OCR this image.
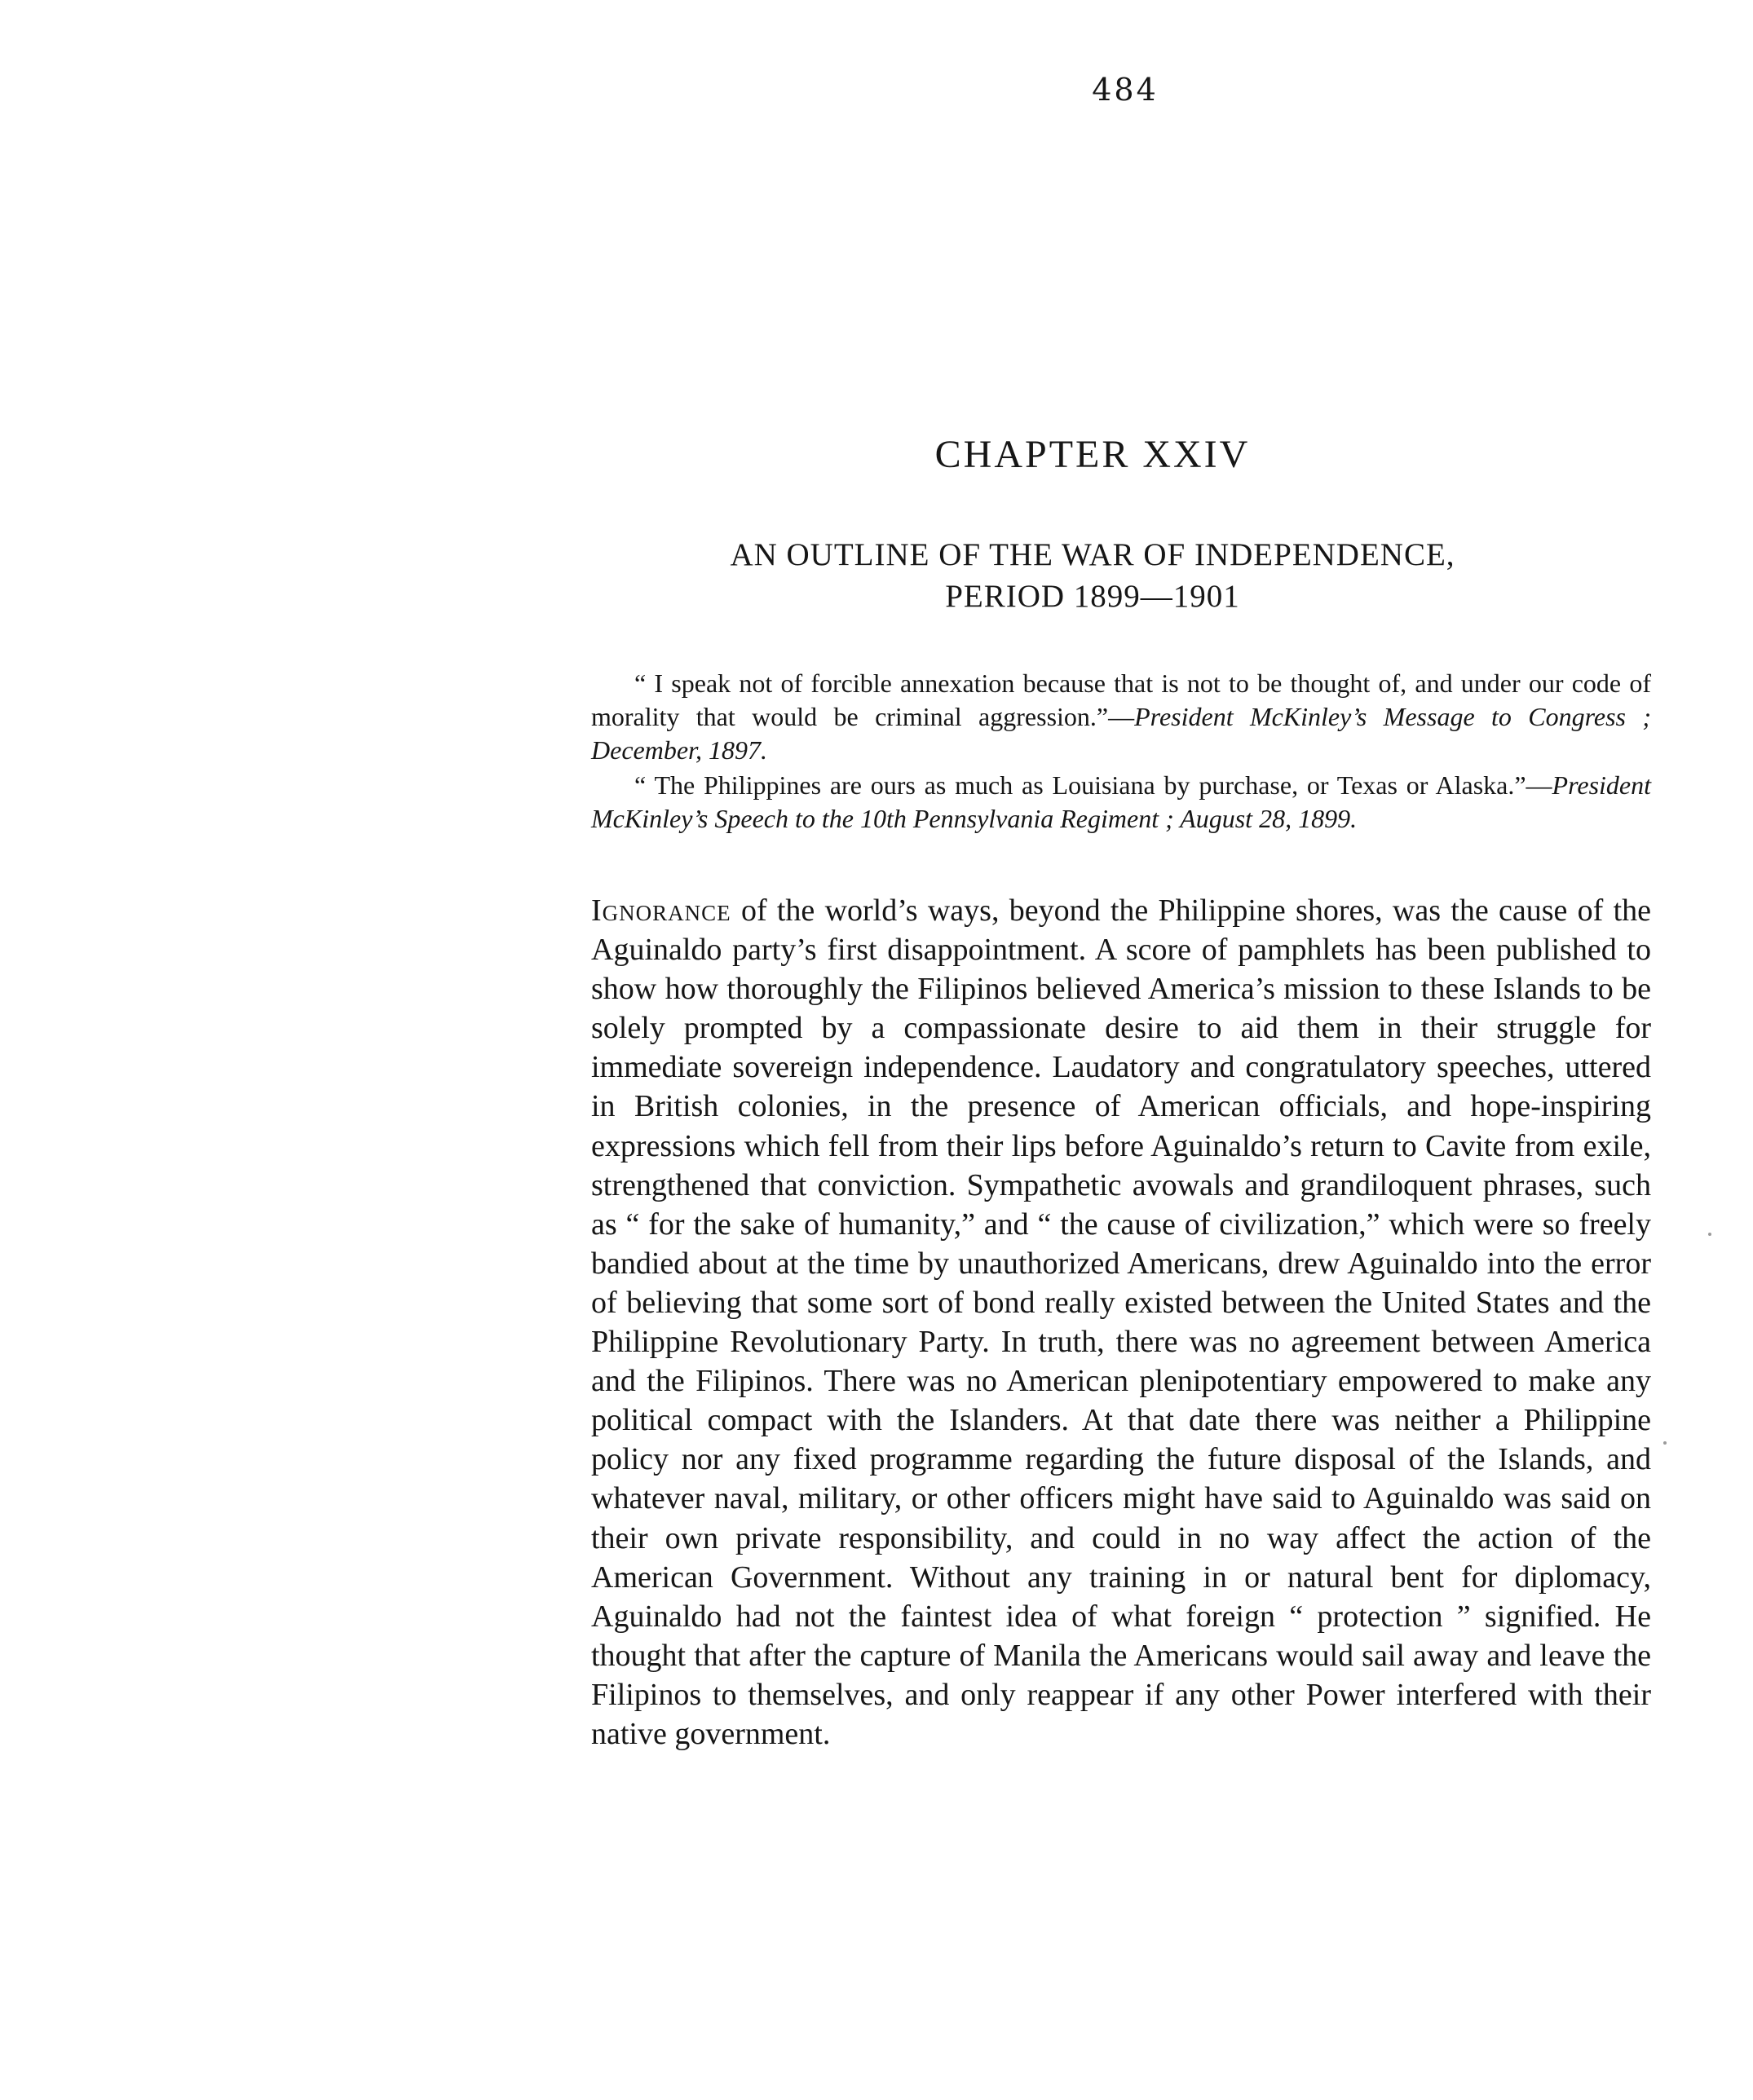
484
CHAPTER XXIV
AN OUTLINE OF THE WAR OF INDEPENDENCE,
PERIOD 1899—1901

“ I speak not of forcible annexation because that is not to be thought of, and under our code of morality that would be criminal aggression.”—President McKinley’s Message to Congress ; December, 1897.

“ The Philippines are ours as much as Louisiana by purchase, or Texas or Alaska.”—President McKinley’s Speech to the 10th Pennsylvania Regiment ; August 28, 1899.

Ignorance of the world’s ways, beyond the Philippine shores, was the cause of the Aguinaldo party’s first disappointment. A score of pamphlets has been published to show how thoroughly the Filipinos believed America’s mission to these Islands to be solely prompted by a compassionate desire to aid them in their struggle for immediate sovereign independence. Laudatory and congratulatory speeches, uttered in British colonies, in the presence of American officials, and hope-inspiring expressions which fell from their lips before Aguinaldo’s return to Cavite from exile, strengthened that conviction. Sympathetic avowals and grandiloquent phrases, such as “ for the sake of humanity,” and “ the cause of civilization,” which were so freely bandied about at the time by unauthorized Americans, drew Aguinaldo into the error of believing that some sort of bond really existed between the United States and the Philippine Revolutionary Party. In truth, there was no agreement between America and the Filipinos. There was no American plenipotentiary empowered to make any political compact with the Islanders. At that date there was neither a Philippine policy nor any fixed programme regarding the future disposal of the Islands, and whatever naval, military, or other officers might have said to Aguinaldo was said on their own private responsibility, and could in no way affect the action of the American Government. Without any training in or natural bent for diplomacy, Aguinaldo had not the faintest idea of what foreign “ protection ” signified. He thought that after the capture of Manila the Americans would sail away and leave the Filipinos to themselves, and only reappear if any other Power interfered with their native government.
